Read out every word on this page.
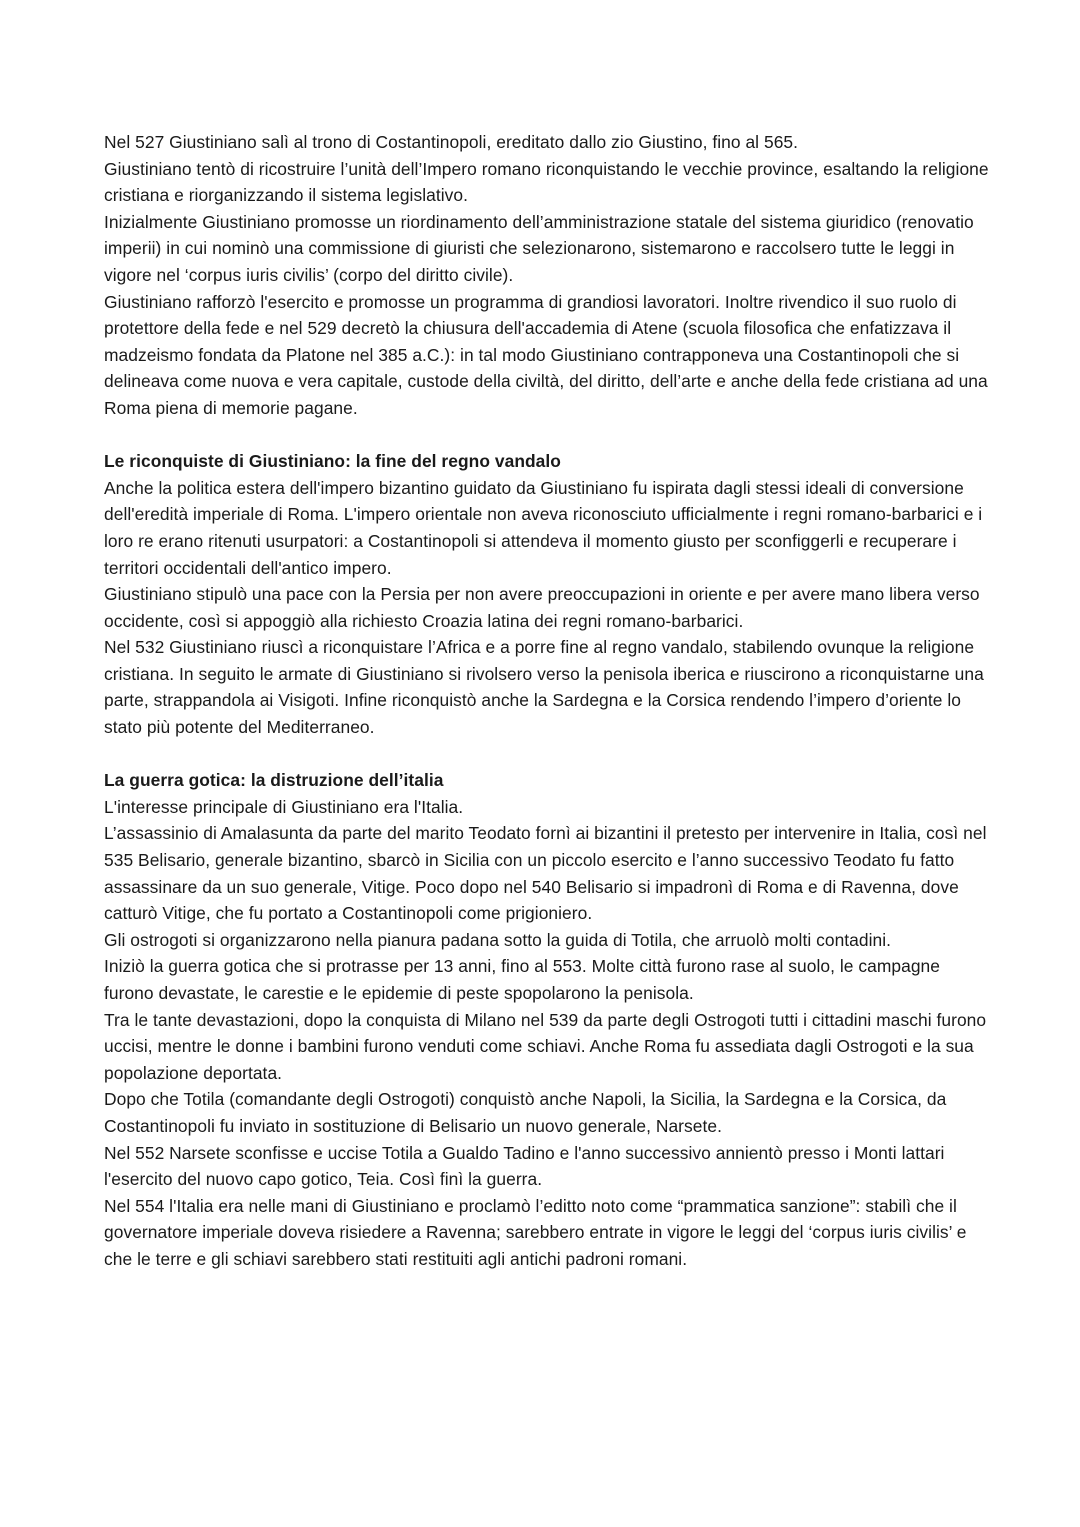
Nel 527 Giustiniano salì al trono di Costantinopoli, ereditato dallo zio Giustino, fino al 565.

Giustiniano tentò di ricostruire l’unità dell’Impero romano riconquistando le vecchie province, esaltando la religione cristiana e riorganizzando il sistema legislativo.

Inizialmente Giustiniano promosse un riordinamento dell’amministrazione statale del sistema giuridico (renovatio imperii) in cui nominò una commissione di giuristi che selezionarono, sistemarono e raccolsero tutte le leggi in vigore nel ‘corpus iuris civilis’ (corpo del diritto civile).

Giustiniano rafforzò l'esercito e promosse un programma di grandiosi lavoratori. Inoltre rivendico il suo ruolo di protettore della fede e nel 529 decretò la chiusura dell'accademia di Atene (scuola filosofica che enfatizzava il madzeismo fondata da Platone nel 385 a.C.): in tal modo Giustiniano contrapponeva una Costantinopoli che si delineava come nuova e vera capitale, custode della civiltà, del diritto, dell’arte e anche della fede cristiana ad una Roma piena di memorie pagane.

Le riconquiste di Giustiniano: la fine del regno vandalo

Anche la politica estera dell'impero bizantino guidato da Giustiniano fu ispirata dagli stessi ideali di conversione dell'eredità imperiale di Roma. L'impero orientale non aveva riconosciuto ufficialmente i regni romano-barbarici e i loro re erano ritenuti usurpatori: a Costantinopoli si attendeva il momento giusto per sconfiggerli e recuperare i territori occidentali dell'antico impero.

Giustiniano stipulò una pace con la Persia per non avere preoccupazioni in oriente e per avere mano libera verso occidente, così si appoggiò alla richiesto Croazia latina dei regni romano-barbarici.

Nel 532 Giustiniano riuscì a riconquistare l’Africa e a porre fine al regno vandalo, stabilendo ovunque la religione cristiana. In seguito le armate di Giustiniano si rivolsero verso la penisola iberica e riuscirono a riconquistarne una parte, strappandola ai Visigoti. Infine riconquistò anche la Sardegna e la Corsica rendendo l’impero d’oriente lo stato più potente del Mediterraneo.

La guerra gotica: la distruzione dell’italia

L'interesse principale di Giustiniano era l'Italia.

L’assassinio di Amalasunta da parte del marito Teodato fornì ai bizantini il pretesto per intervenire in Italia, così nel 535 Belisario, generale bizantino, sbarcò in Sicilia con un piccolo esercito e l’anno successivo Teodato fu fatto assassinare da un suo generale, Vitige. Poco dopo nel 540 Belisario si impadronì di Roma e di Ravenna, dove catturò Vitige, che fu portato a Costantinopoli come prigioniero.

Gli ostrogoti si organizzarono nella pianura padana sotto la guida di Totila, che arruolò molti contadini.

Iniziò la guerra gotica che si protrasse per 13 anni, fino al 553. Molte città furono rase al suolo, le campagne furono devastate, le carestie e le epidemie di peste spopolarono la penisola.

Tra le tante devastazioni, dopo la conquista di Milano nel 539 da parte degli Ostrogoti tutti i cittadini maschi furono uccisi, mentre le donne i bambini furono venduti come schiavi. Anche Roma fu assediata dagli Ostrogoti e la sua popolazione deportata.

Dopo che Totila (comandante degli Ostrogoti) conquistò anche Napoli, la Sicilia, la Sardegna e la Corsica, da Costantinopoli fu inviato in sostituzione di Belisario un nuovo generale, Narsete.

Nel 552 Narsete sconfisse e uccise Totila a Gualdo Tadino e l'anno successivo annientò presso i Monti lattari l'esercito del nuovo capo gotico, Teia. Così finì la guerra.

Nel 554 l'Italia era nelle mani di Giustiniano e proclamò l’editto noto come “prammatica sanzione”: stabilì che il governatore imperiale doveva risiedere a Ravenna; sarebbero entrate in vigore le leggi del ‘corpus iuris civilis’ e che le terre e gli schiavi sarebbero stati restituiti agli antichi padroni romani.
